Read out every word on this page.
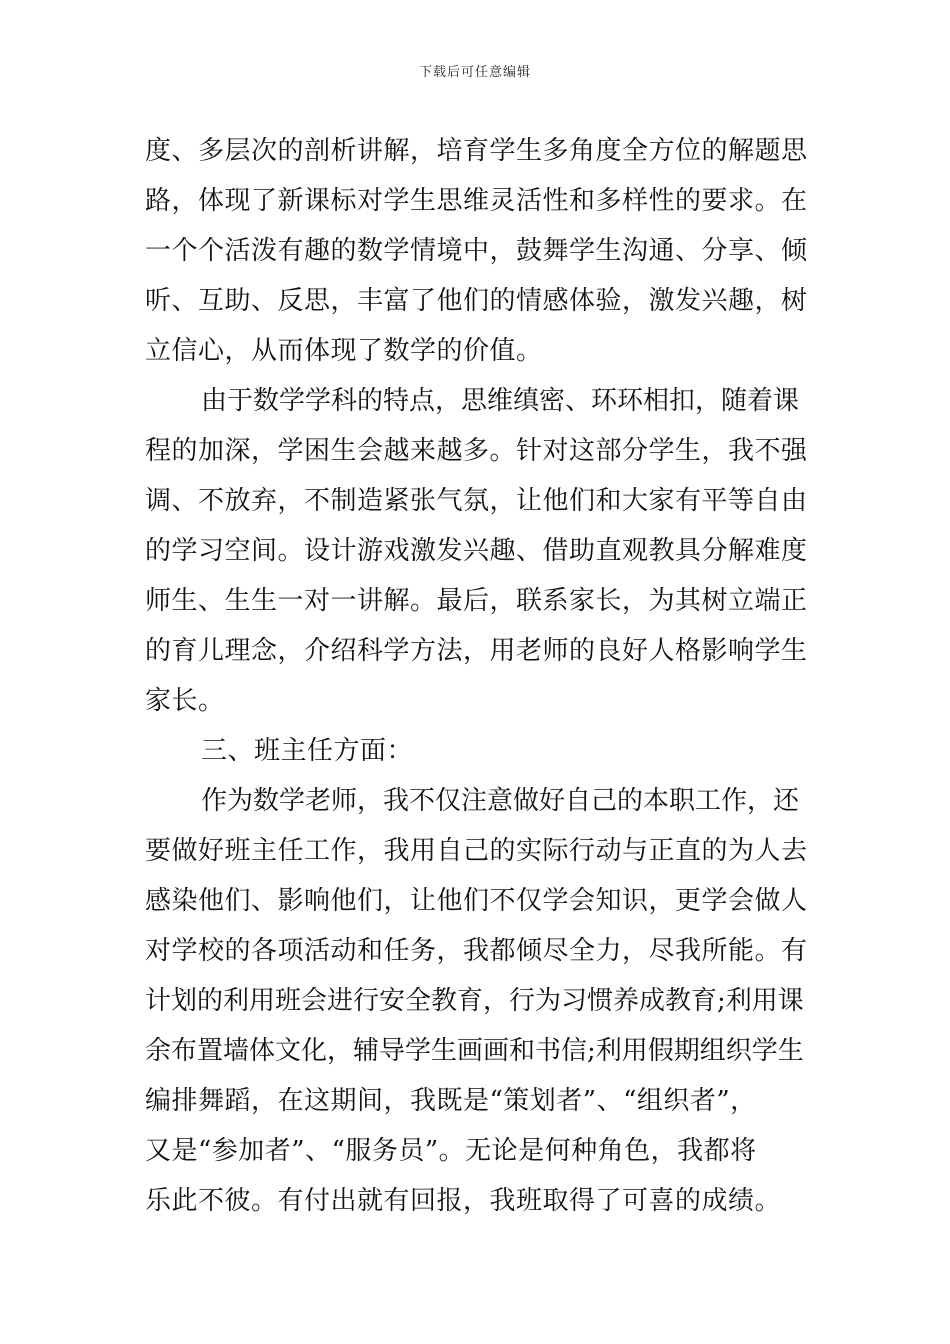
下载后可任意编辑
度、多层次的剖析讲解，培育学生多角度全方位的解题思
路，体现了新课标对学生思维灵活性和多样性的要求。在
一个个活泼有趣的数学情境中，鼓舞学生沟通、分享、倾
听、互助、反思，丰富了他们的情感体验，激发兴趣，树
立信心，从而体现了数学的价值。
由于数学学科的特点，思维缜密、环环相扣，随着课
程的加深，学困生会越来越多。针对这部分学生，我不强
调、不放弃，不制造紧张气氛，让他们和大家有平等自由
的学习空间。设计游戏激发兴趣、借助直观教具分解难度
师生、生生一对一讲解。最后，联系家长，为其树立端正
的育儿理念，介绍科学方法，用老师的良好人格影响学生
家长。
三、班主任方面：
作为数学老师，我不仅注意做好自己的本职工作，还
要做好班主任工作，我用自己的实际行动与正直的为人去
感染他们、影响他们，让他们不仅学会知识，更学会做人
对学校的各项活动和任务，我都倾尽全力，尽我所能。有
计划的利用班会进行安全教育，行为习惯养成教育;利用课
余布置墙体文化，辅导学生画画和书信;利用假期组织学生
编排舞蹈，在这期间，我既是“策划者”、“组织者”，
又是“参加者”、“服务员”。无论是何种角色，我都将
乐此不彼。有付出就有回报，我班取得了可喜的成绩。
